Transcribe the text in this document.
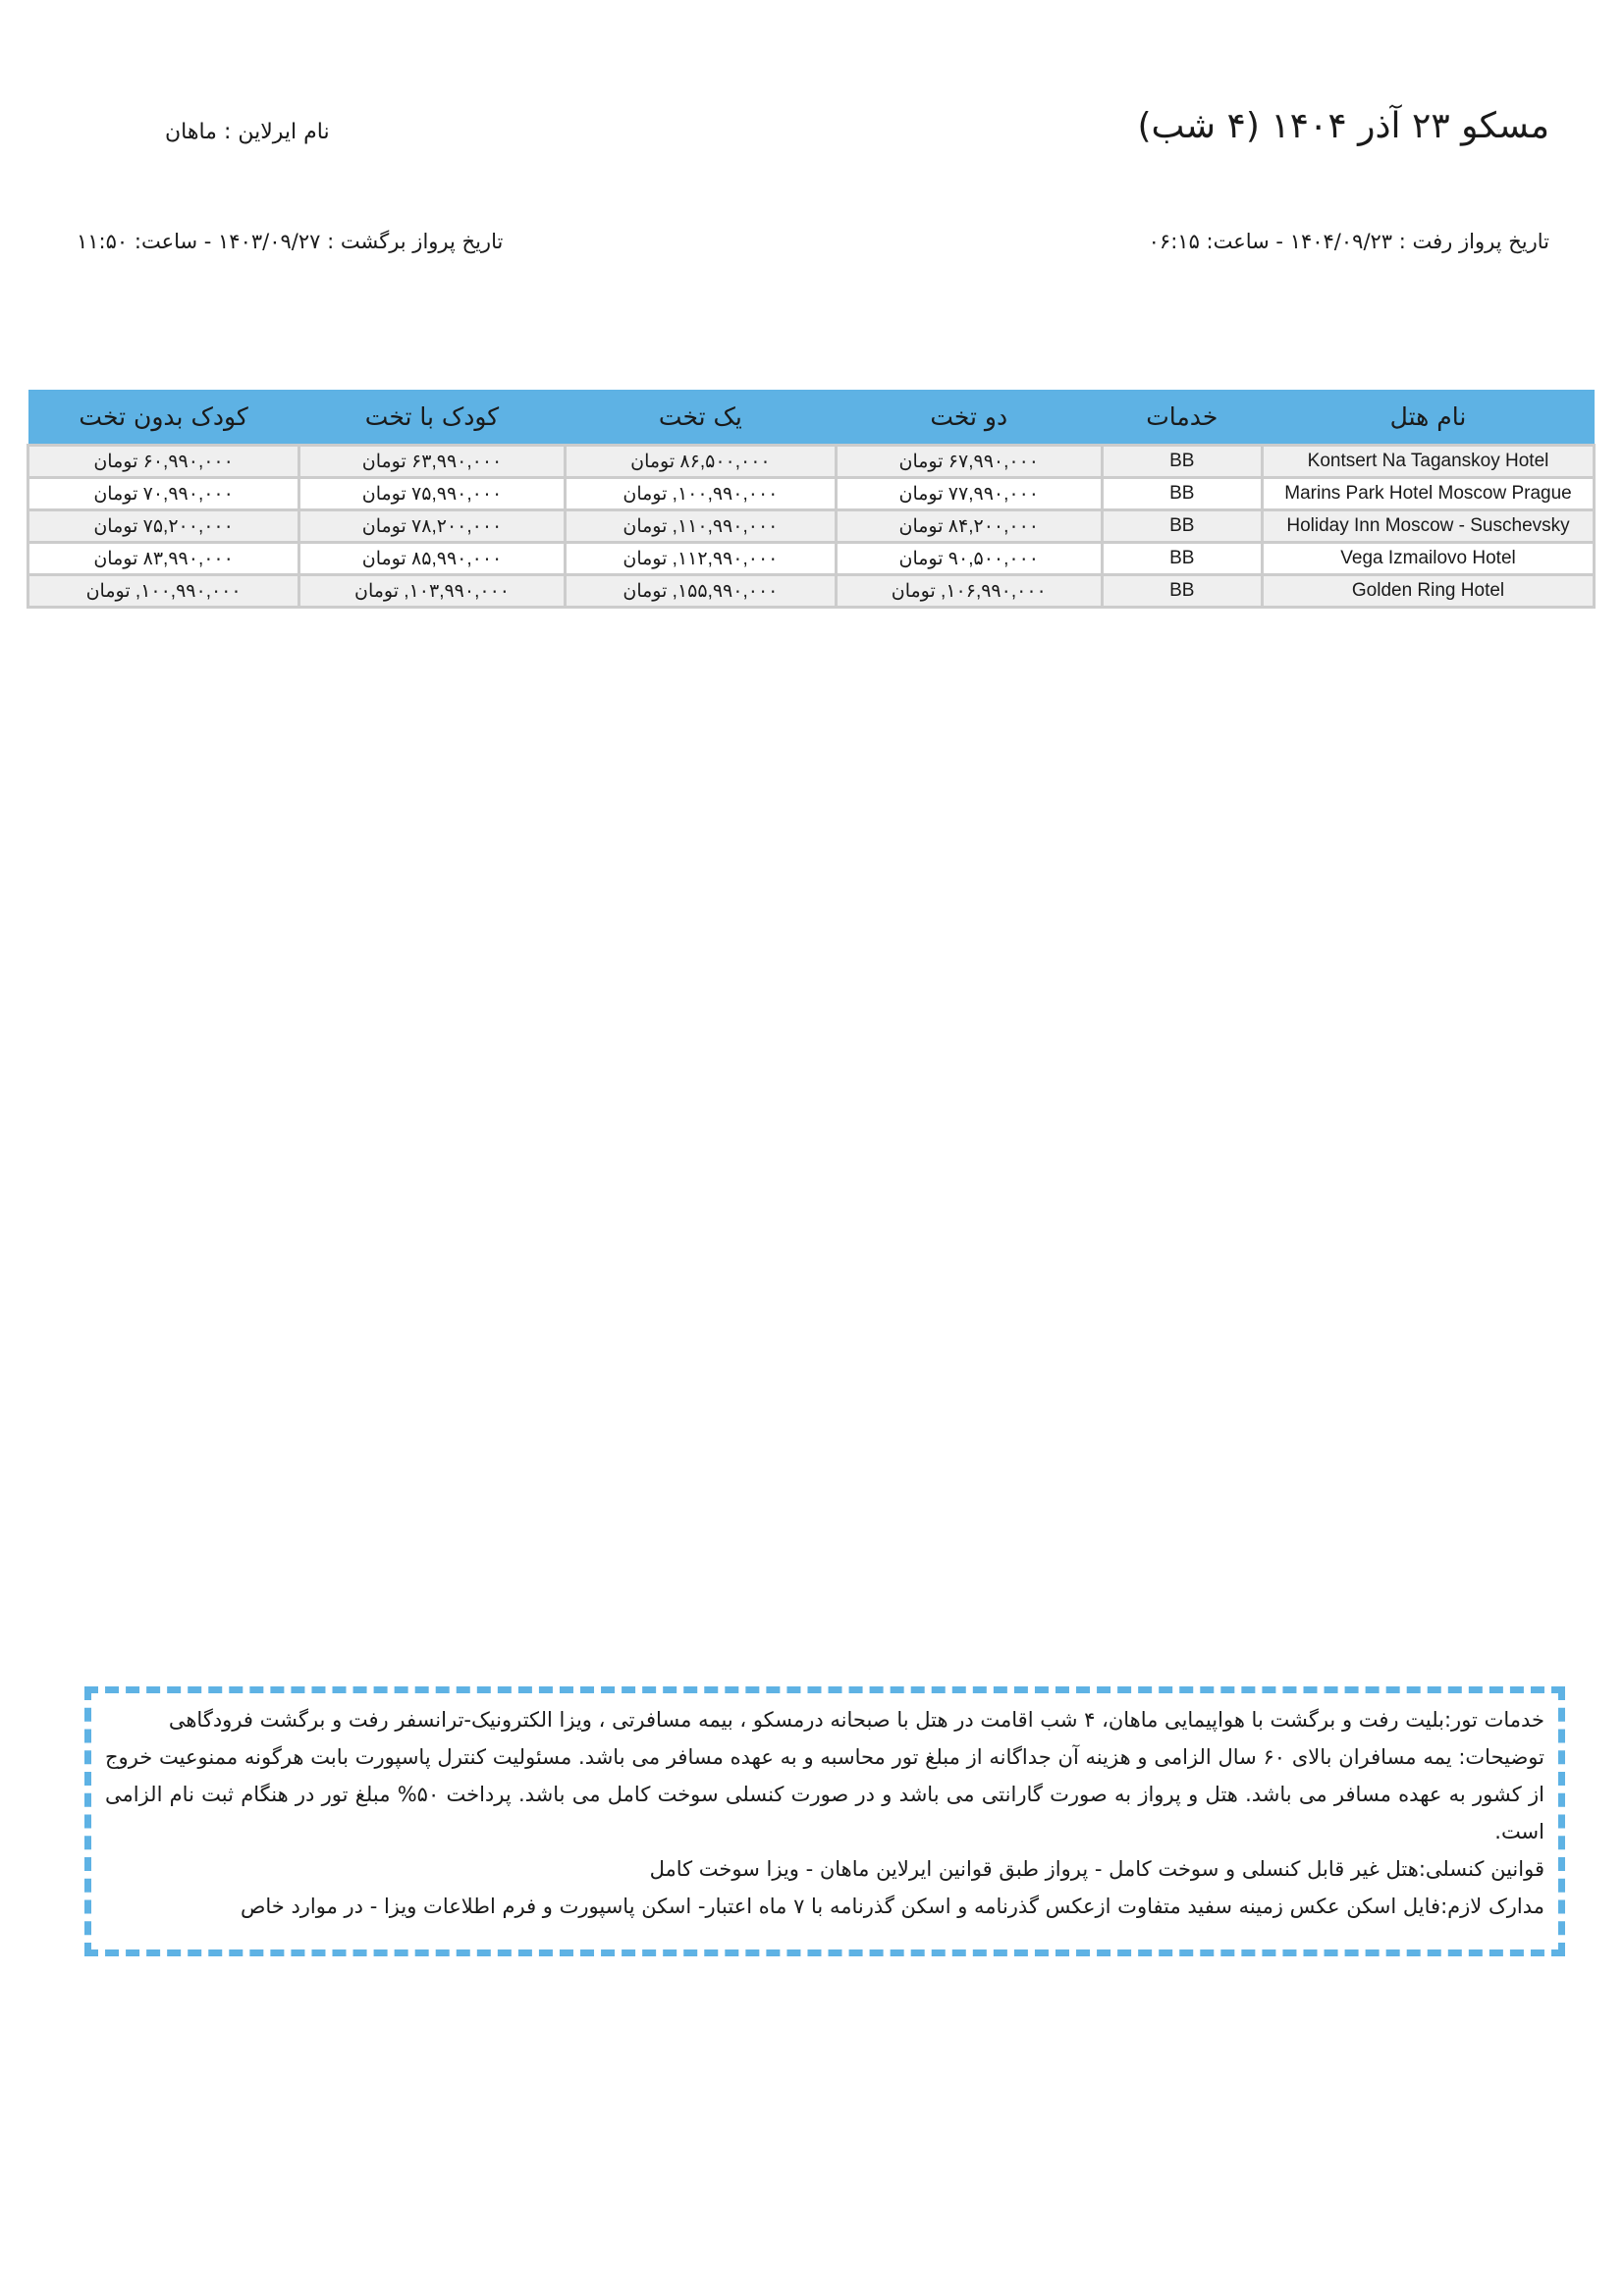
مسکو ۲۳ آذر ۱۴۰۴ (۴ شب)
نام ایرلاین : ماهان
تاریخ پرواز رفت : ۱۴۰۴/۰۹/۲۳ - ساعت: ۰۶:۱۵
تاریخ پرواز برگشت : ۱۴۰۳/۰۹/۲۷ - ساعت: ۱۱:۵۰
نام هتل	خدمات	دو تخت	یک تخت	کودک با تخت	کودک بدون تخت
Kontsert Na Taganskoy Hotel	BB	۶۷,۹۹۰,۰۰۰ تومان	۸۶,۵۰۰,۰۰۰ تومان	۶۳,۹۹۰,۰۰۰ تومان	۶۰,۹۹۰,۰۰۰ تومان
Marins Park Hotel Moscow Prague	BB	۷۷,۹۹۰,۰۰۰ تومان	۱۰۰,۹۹۰,۰۰۰, تومان	۷۵,۹۹۰,۰۰۰ تومان	۷۰,۹۹۰,۰۰۰ تومان
Holiday Inn Moscow - Suschevsky	BB	۸۴,۲۰۰,۰۰۰ تومان	۱۱۰,۹۹۰,۰۰۰, تومان	۷۸,۲۰۰,۰۰۰ تومان	۷۵,۲۰۰,۰۰۰ تومان
Vega Izmailovo Hotel	BB	۹۰,۵۰۰,۰۰۰ تومان	۱۱۲,۹۹۰,۰۰۰, تومان	۸۵,۹۹۰,۰۰۰ تومان	۸۳,۹۹۰,۰۰۰ تومان
Golden Ring Hotel	BB	۱۰۶,۹۹۰,۰۰۰, تومان	۱۵۵,۹۹۰,۰۰۰, تومان	۱۰۳,۹۹۰,۰۰۰, تومان	۱۰۰,۹۹۰,۰۰۰, تومان

خدمات تور:بلیت رفت و برگشت با هواپیمایی ماهان، ۴ شب اقامت در هتل با صبحانه درمسکو ، بیمه مسافرتی ، ویزا الکترونیک-ترانسفر رفت و برگشت فرودگاهی

توضیحات: یمه مسافران بالای ۶۰ سال الزامی و هزینه آن جداگانه از مبلغ تور محاسبه و به عهده مسافر می باشد. مسئولیت کنترل پاسپورت بابت هرگونه ممنوعیت خروج از کشور به عهده مسافر می باشد. هتل و پرواز به صورت گارانتی می باشد و در صورت کنسلی سوخت کامل می باشد. پرداخت ۵۰% مبلغ تور در هنگام ثبت نام الزامی است.

قوانین کنسلی:هتل غیر قابل کنسلی و سوخت کامل - پرواز طبق قوانین ایرلاین ماهان - ویزا سوخت کامل

مدارک لازم:فایل اسکن عکس زمینه سفید متفاوت ازعکس گذرنامه و اسکن گذرنامه با ۷ ماه اعتبار- اسکن پاسپورت و فرم اطلاعات ویزا - در موارد خاص
